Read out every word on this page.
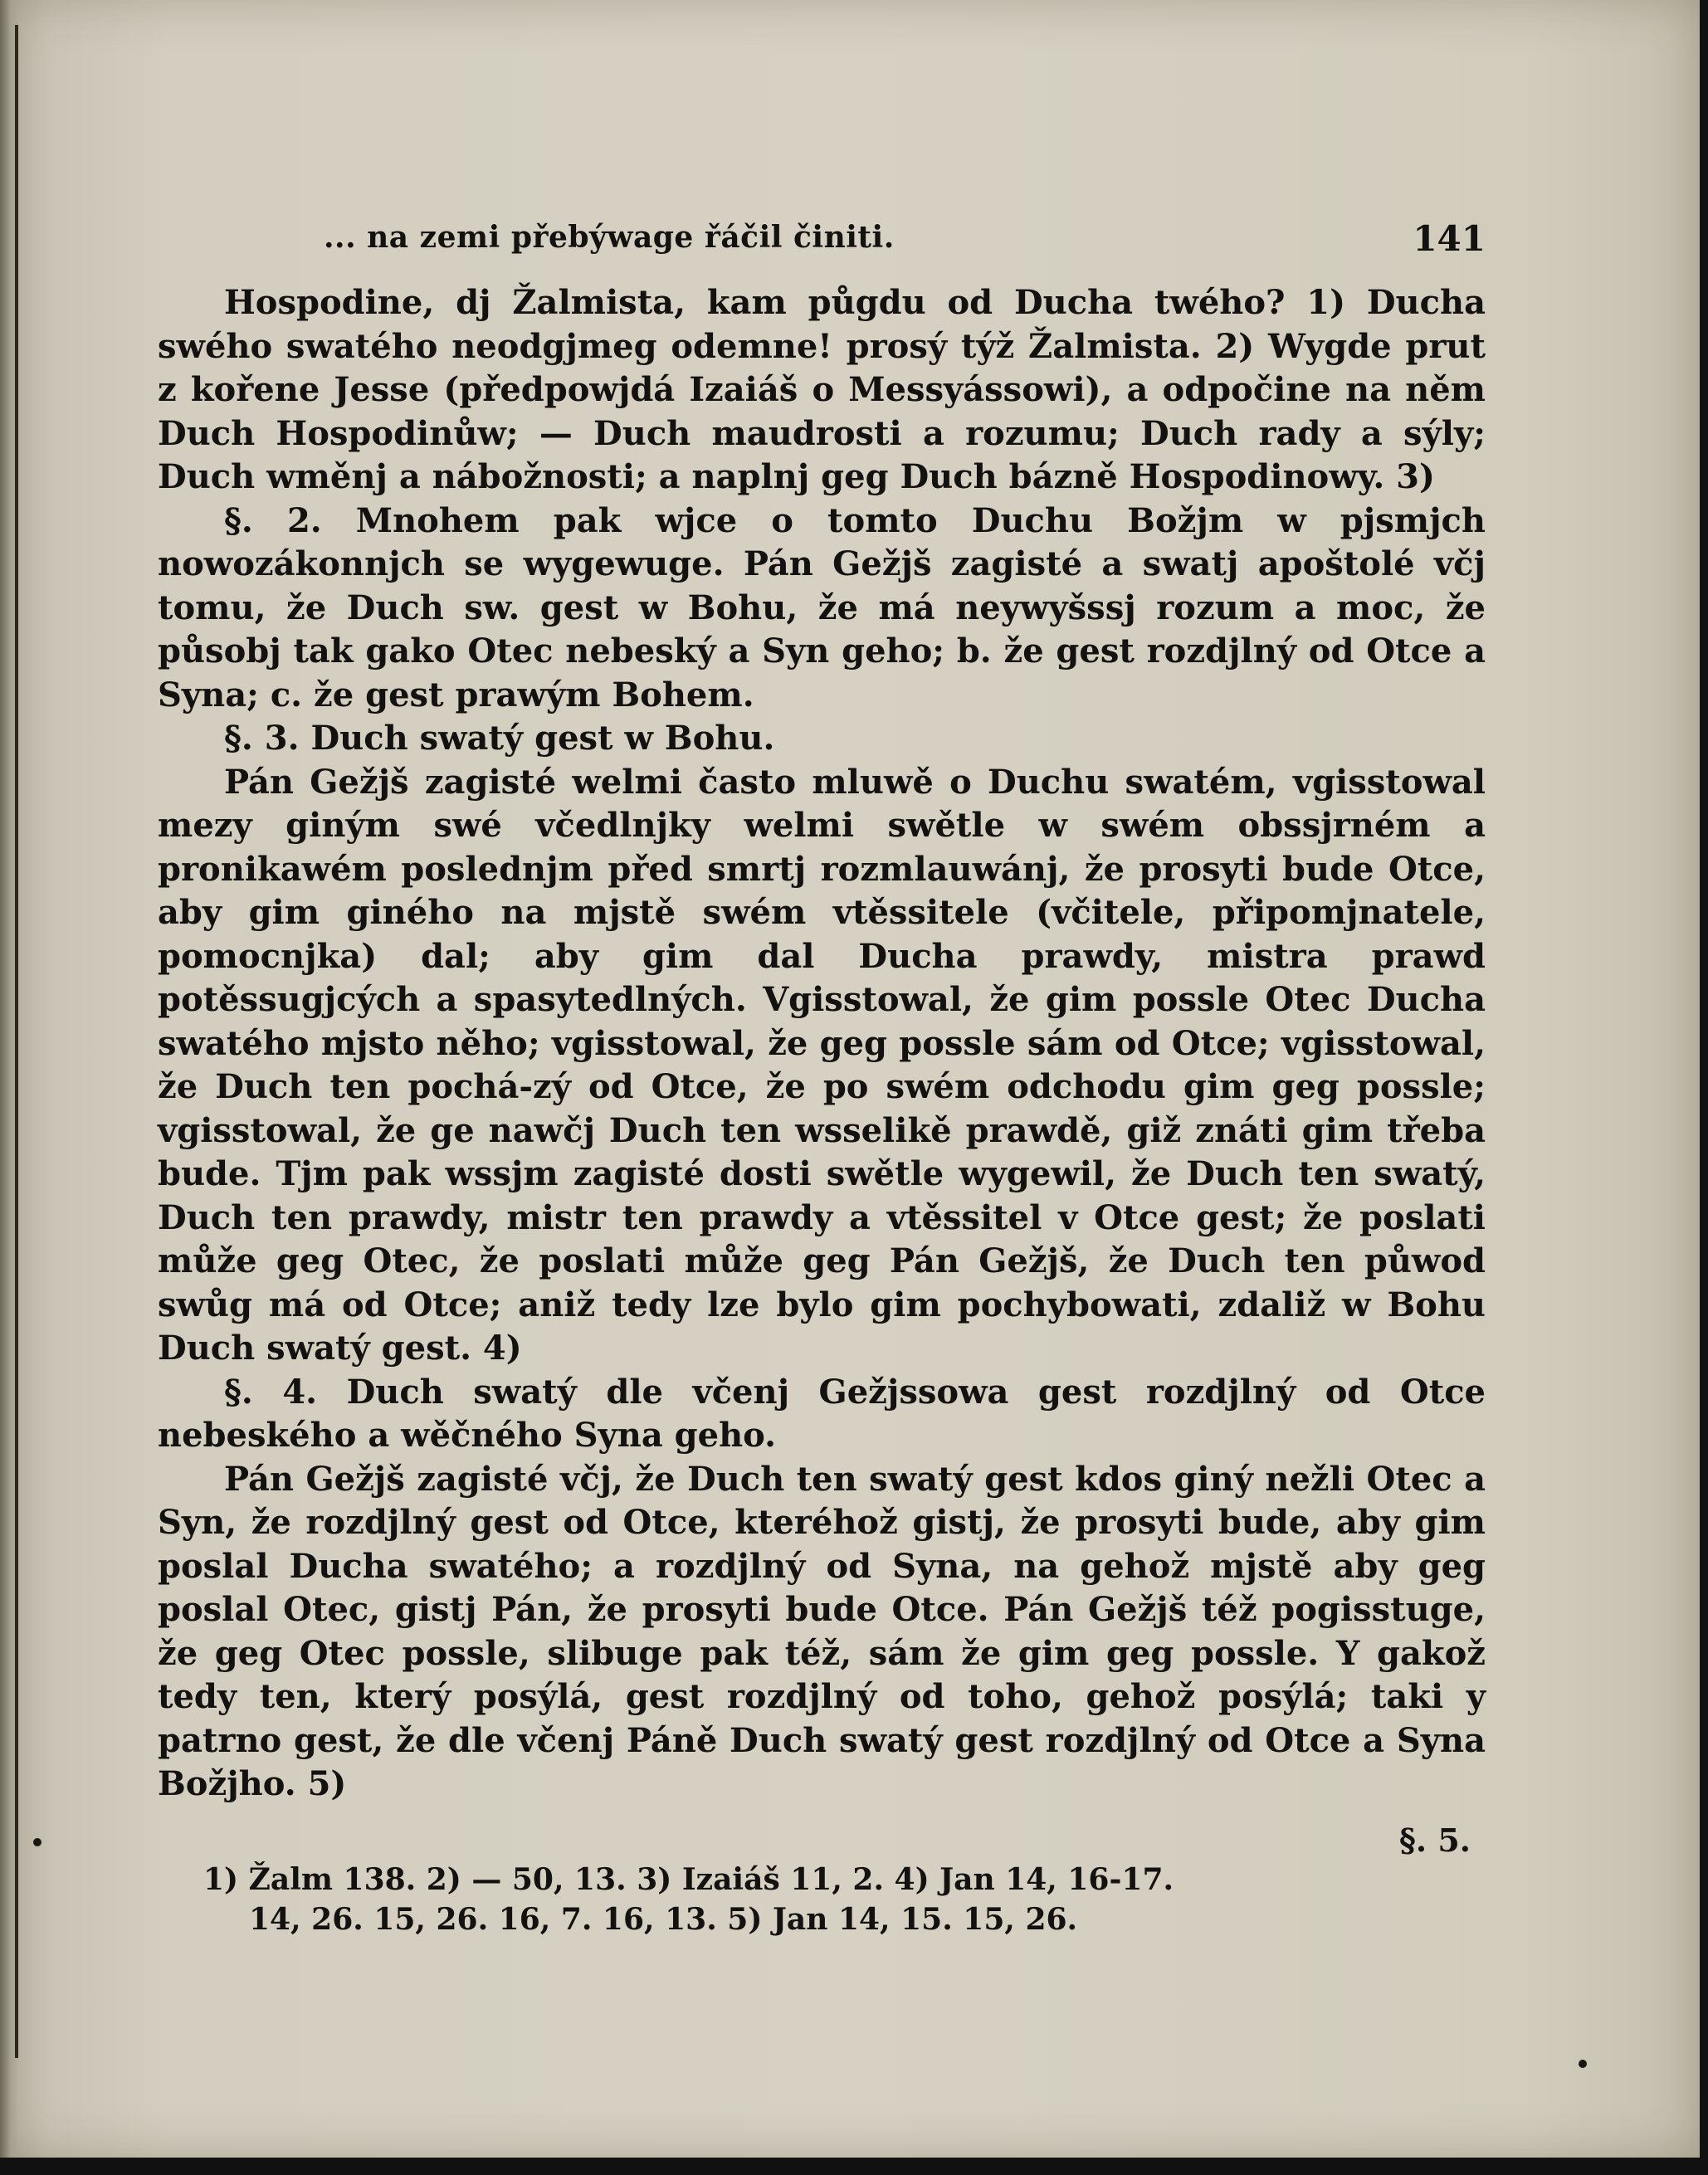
... na zemi přebýwage řáčil činiti.	141

Hospodine, dj Žalmista, kam půgdu od Ducha twého? 1) Ducha swého swatého neodgjmeg odemne! prosý týž Žalmista. 2) Wygde prut z kořene Jesse (předpowjdá Izaiáš o Messyássowi), a odpočine na něm Duch Hospodinůw; — Duch maudrosti a rozumu; Duch rady a sýly; Duch wměnj a nábožnosti; a naplnj geg Duch bázně Hospodinowy. 3)

§. 2. Mnohem pak wjce o tomto Duchu Božjm w pjsmjch nowozákonnjch se wygewuge. Pán Gežjš zagisté a swatj apoštolé včj tomu, že Duch sw. gest w Bohu, že má neywyšssj rozum a moc, že působj tak gako Otec nebeský a Syn geho; b. že gest rozdjlný od Otce a Syna; c. že gest prawým Bohem.

§. 3. Duch swatý gest w Bohu.

Pán Gežjš zagisté welmi často mluwě o Duchu swatém, vgisstowal mezy giným swé včedlnjky welmi swětle w swém obssjrném a pronikawém poslednjm před smrtj rozmlauwánj, že prosyti bude Otce, aby gim giného na mjstě swém vtěssitele (včitele, připomjnatele, pomocnjka) dal; aby gim dal Ducha prawdy, mistra prawd potěssugjcých a spasytedlných. Vgisstowal, že gim possle Otec Ducha swatého mjsto něho; vgisstowal, že geg possle sám od Otce; vgisstowal, že Duch ten pochá-zý od Otce, že po swém odchodu gim geg possle; vgisstowal, že ge nawčj Duch ten wsselikě prawdě, giž znáti gim třeba bude. Tjm pak wssjm zagisté dosti swětle wygewil, že Duch ten swatý, Duch ten prawdy, mistr ten prawdy a vtěssitel v Otce gest; že poslati může geg Otec, že poslati může geg Pán Gežjš, že Duch ten půwod swůg má od Otce; aniž tedy lze bylo gim pochybowati, zdaliž w Bohu Duch swatý gest. 4)

§. 4. Duch swatý dle včenj Gežjssowa gest rozdjlný od Otce nebeského a wěčného Syna geho.

Pán Gežjš zagisté včj, že Duch ten swatý gest kdos giný nežli Otec a Syn, že rozdjlný gest od Otce, kteréhož gistj, že prosyti bude, aby gim poslal Ducha swatého; a rozdjlný od Syna, na gehož mjstě aby geg poslal Otec, gistj Pán, že prosyti bude Otce. Pán Gežjš též pogisstuge, že geg Otec possle, slibuge pak též, sám že gim geg possle. Y gakož tedy ten, který posýlá, gest rozdjlný od toho, gehož posýlá; taki y patrno gest, že dle včenj Páně Duch swatý gest rozdjlný od Otce a Syna Božjho. 5)

§. 5.

1) Žalm 138. 2) — 50, 13. 3) Izaiáš 11, 2. 4) Jan 14, 16-17.

14, 26. 15, 26. 16, 7. 16, 13. 5) Jan 14, 15. 15, 26.
